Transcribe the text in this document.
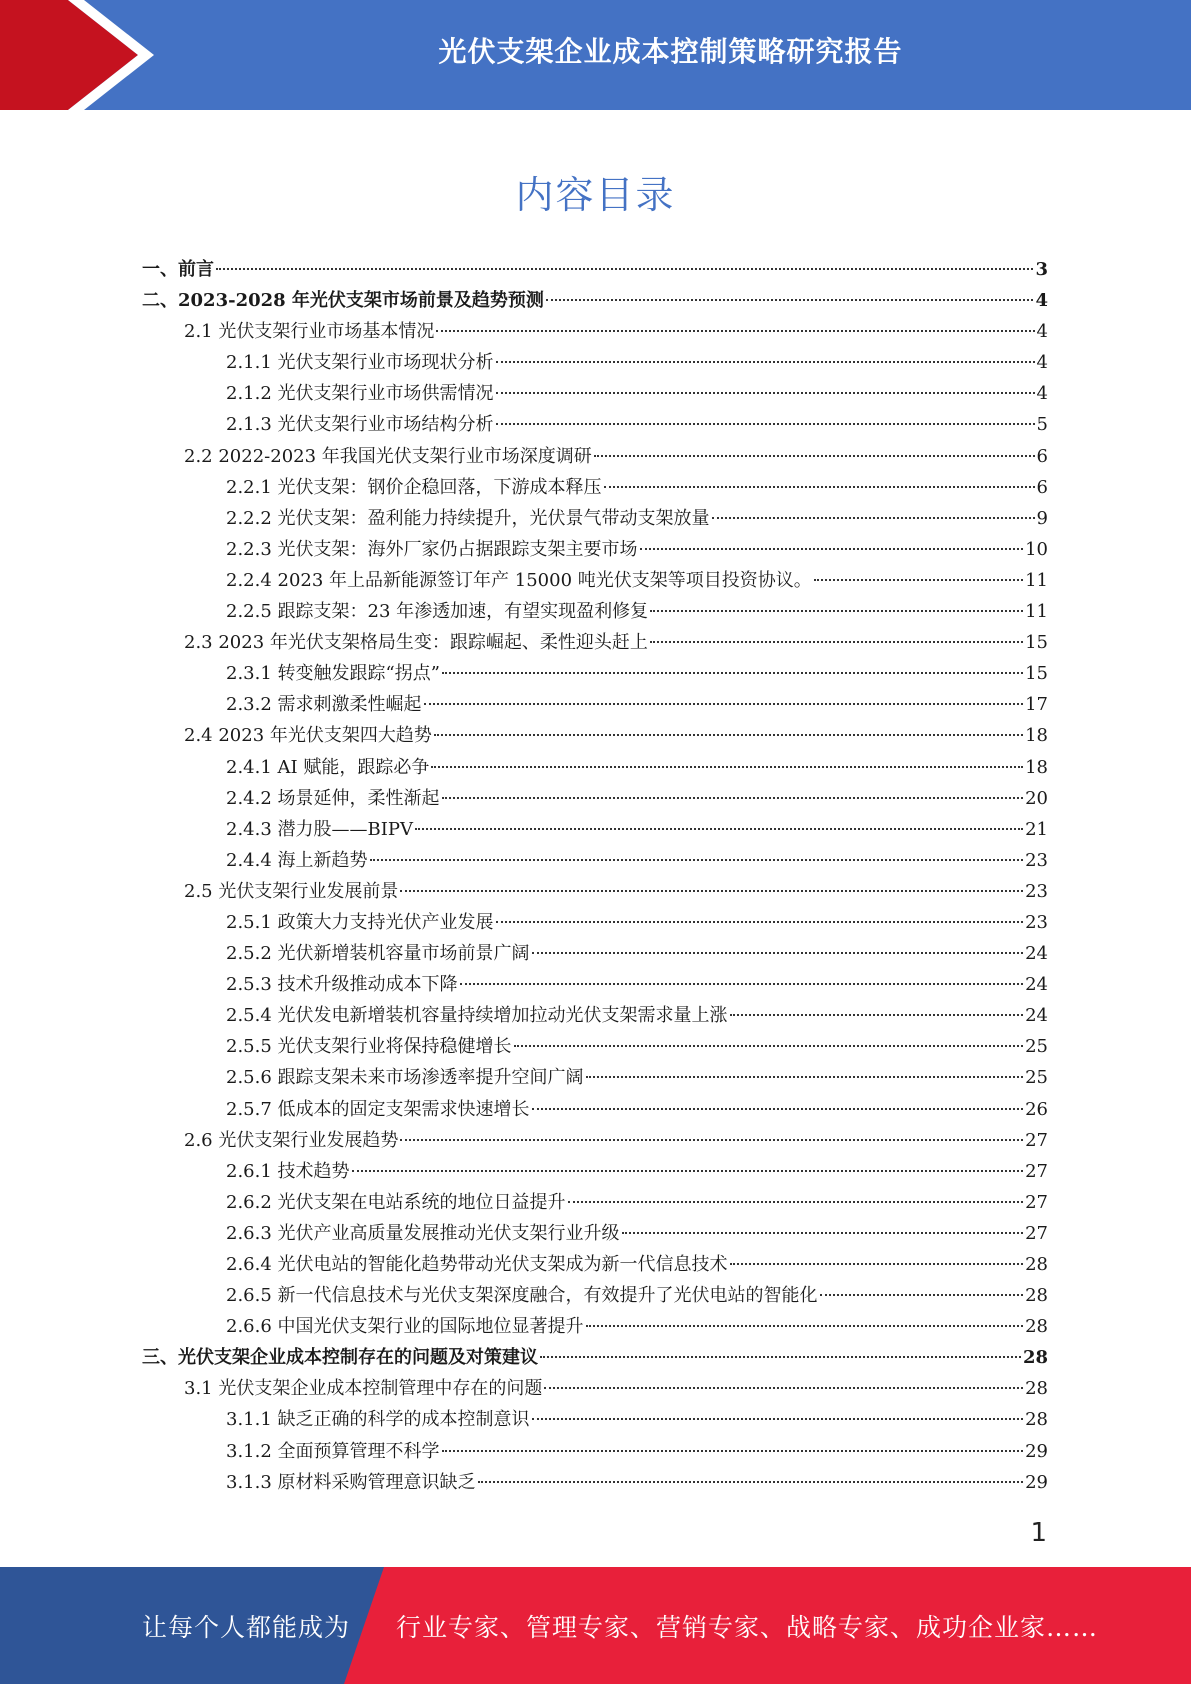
光伏支架企业成本控制策略研究报告
内容目录
一、前言	3
二、2023-2028 年光伏支架市场前景及趋势预测	4
2.1 光伏支架行业市场基本情况	4
2.1.1 光伏支架行业市场现状分析	4
2.1.2 光伏支架行业市场供需情况	4
2.1.3 光伏支架行业市场结构分析	5
2.2 2022-2023 年我国光伏支架行业市场深度调研	6
2.2.1 光伏支架：钢价企稳回落，下游成本释压	6
2.2.2 光伏支架：盈利能力持续提升，光伏景气带动支架放量	9
2.2.3 光伏支架：海外厂家仍占据跟踪支架主要市场	10
2.2.4 2023 年上品新能源签订年产 15000 吨光伏支架等项目投资协议。	11
2.2.5 跟踪支架：23 年渗透加速，有望实现盈利修复	11
2.3 2023 年光伏支架格局生变：跟踪崛起、柔性迎头赶上	15
2.3.1 转变触发跟踪“拐点”	15
2.3.2 需求刺激柔性崛起	17
2.4 2023 年光伏支架四大趋势	18
2.4.1 AI 赋能，跟踪必争	18
2.4.2 场景延伸，柔性渐起	20
2.4.3 潜力股——BIPV	21
2.4.4 海上新趋势	23
2.5 光伏支架行业发展前景	23
2.5.1 政策大力支持光伏产业发展	23
2.5.2 光伏新增装机容量市场前景广阔	24
2.5.3 技术升级推动成本下降	24
2.5.4 光伏发电新增装机容量持续增加拉动光伏支架需求量上涨	24
2.5.5 光伏支架行业将保持稳健增长	25
2.5.6 跟踪支架未来市场渗透率提升空间广阔	25
2.5.7 低成本的固定支架需求快速增长	26
2.6 光伏支架行业发展趋势	27
2.6.1 技术趋势	27
2.6.2 光伏支架在电站系统的地位日益提升	27
2.6.3 光伏产业高质量发展推动光伏支架行业升级	27
2.6.4 光伏电站的智能化趋势带动光伏支架成为新一代信息技术	28
2.6.5 新一代信息技术与光伏支架深度融合，有效提升了光伏电站的智能化	28
2.6.6 中国光伏支架行业的国际地位显著提升	28
三、光伏支架企业成本控制存在的问题及对策建议	28
3.1 光伏支架企业成本控制管理中存在的问题	28
3.1.1 缺乏正确的科学的成本控制意识	28
3.1.2 全面预算管理不科学	29
3.1.3 原材料采购管理意识缺乏	29
1
让每个人都能成为 行业专家、管理专家、营销专家、战略专家、成功企业家……
